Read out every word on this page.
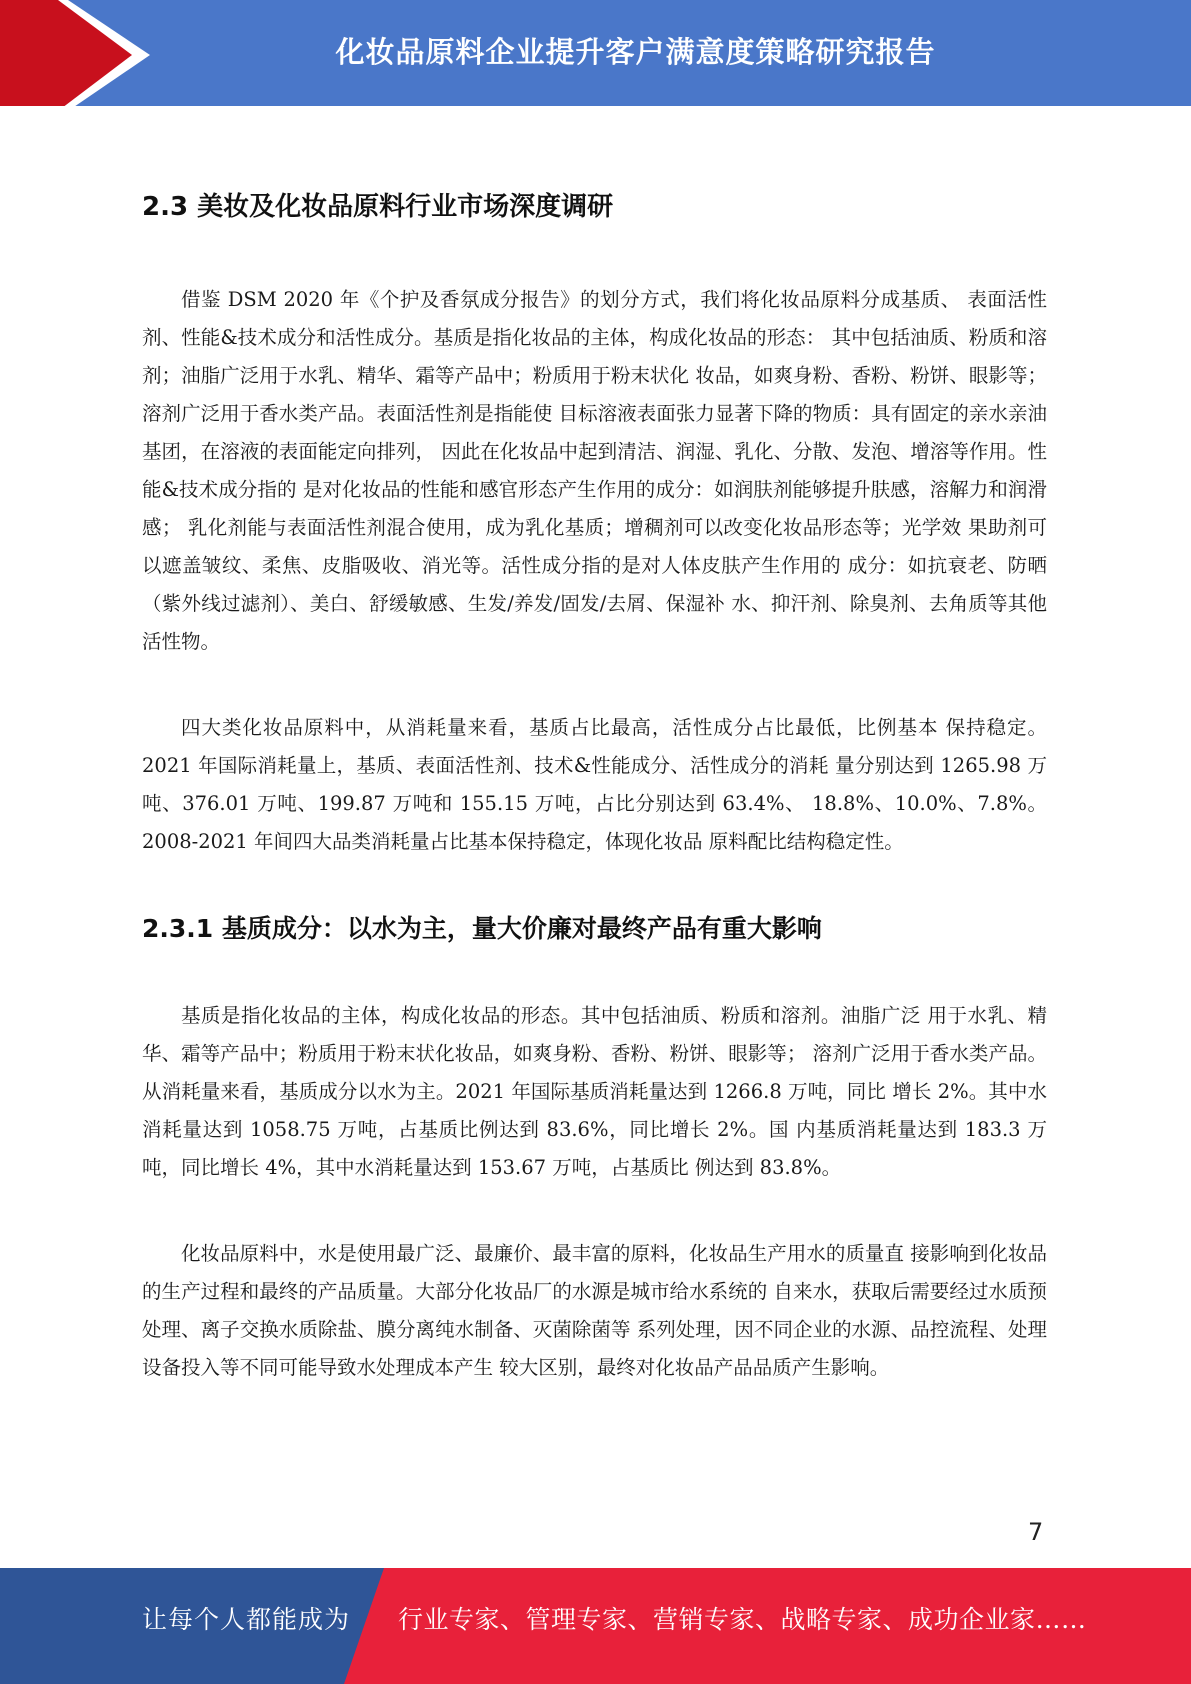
化妆品原料企业提升客户满意度策略研究报告
2.3 美妆及化妆品原料行业市场深度调研

借鉴 DSM 2020 年《个护及香氛成分报告》的划分方式，我们将化妆品原料分成基质、 表面活性剂、性能&技术成分和活性成分。基质是指化妆品的主体，构成化妆品的形态： 其中包括油质、粉质和溶剂；油脂广泛用于水乳、精华、霜等产品中；粉质用于粉末状化 妆品，如爽身粉、香粉、粉饼、眼影等；溶剂广泛用于香水类产品。表面活性剂是指能使 目标溶液表面张力显著下降的物质：具有固定的亲水亲油基团，在溶液的表面能定向排列， 因此在化妆品中起到清洁、润湿、乳化、分散、发泡、增溶等作用。性能&技术成分指的 是对化妆品的性能和感官形态产生作用的成分：如润肤剂能够提升肤感，溶解力和润滑感； 乳化剂能与表面活性剂混合使用，成为乳化基质；增稠剂可以改变化妆品形态等；光学效 果助剂可以遮盖皱纹、柔焦、皮脂吸收、消光等。活性成分指的是对人体皮肤产生作用的 成分：如抗衰老、防晒（紫外线过滤剂）、美白、舒缓敏感、生发/养发/固发/去屑、保湿补 水、抑汗剂、除臭剂、去角质等其他活性物。

四大类化妆品原料中，从消耗量来看，基质占比最高，活性成分占比最低，比例基本 保持稳定。2021 年国际消耗量上，基质、表面活性剂、技术&性能成分、活性成分的消耗 量分别达到 1265.98 万吨、376.01 万吨、199.87 万吨和 155.15 万吨，占比分别达到 63.4%、 18.8%、10.0%、7.8%。2008-2021 年间四大品类消耗量占比基本保持稳定，体现化妆品 原料配比结构稳定性。

2.3.1 基质成分：以水为主，量大价廉对最终产品有重大影响

基质是指化妆品的主体，构成化妆品的形态。其中包括油质、粉质和溶剂。油脂广泛 用于水乳、精华、霜等产品中；粉质用于粉末状化妆品，如爽身粉、香粉、粉饼、眼影等； 溶剂广泛用于香水类产品。 从消耗量来看，基质成分以水为主。2021 年国际基质消耗量达到 1266.8 万吨，同比 增长 2%。其中水消耗量达到 1058.75 万吨，占基质比例达到 83.6%，同比增长 2%。国 内基质消耗量达到 183.3 万吨，同比增长 4%，其中水消耗量达到 153.67 万吨，占基质比 例达到 83.8%。

化妆品原料中，水是使用最广泛、最廉价、最丰富的原料，化妆品生产用水的质量直 接影响到化妆品的生产过程和最终的产品质量。大部分化妆品厂的水源是城市给水系统的 自来水，获取后需要经过水质预处理、离子交换水质除盐、膜分离纯水制备、灭菌除菌等 系列处理，因不同企业的水源、品控流程、处理设备投入等不同可能导致水处理成本产生 较大区别，最终对化妆品产品品质产生影响。

7
让每个人都能成为 行业专家、管理专家、营销专家、战略专家、成功企业家……
